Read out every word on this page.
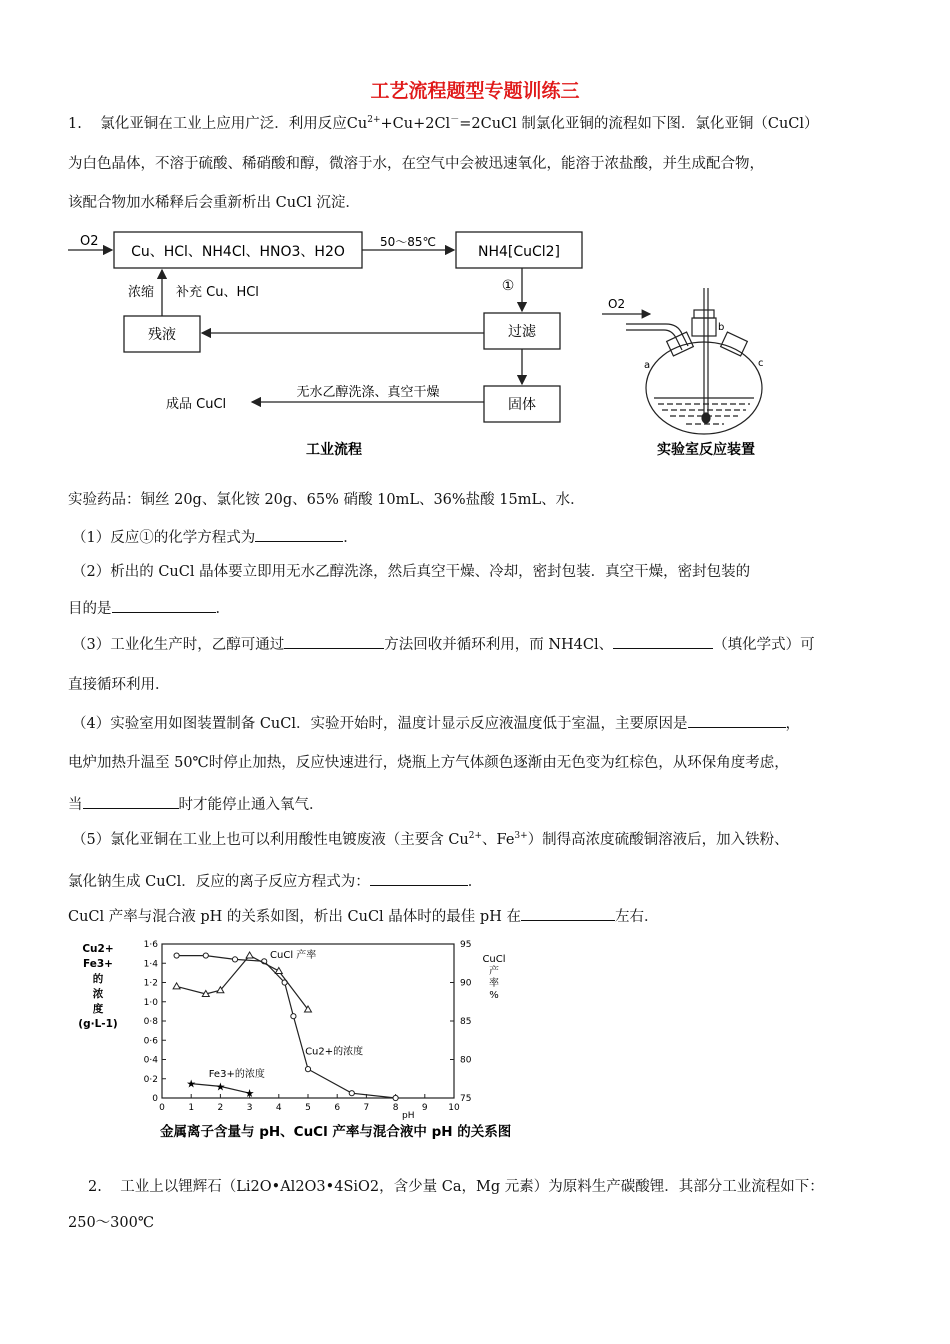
工艺流程题型专题训练三
1. 氯化亚铜在工业上应用广泛．利用反应$Cu^{2+}+Cu+2Cl^-=2CuCl$ 制氯化亚铜的流程如下图．氯化亚铜（CuCl）
为白色晶体，不溶于硫酸、稀硝酸和醇，微溶于水，在空气中会被迅速氧化，能溶于浓盐酸，并生成配合物，
该配合物加水稀释后会重新析出 CuCl 沉淀．
O2
Cu、HCl、NH4Cl、HNO3、H2O
50～85℃
NH4[CuCl2]
①
浓缩 补充 Cu、HCl
残液	过滤
固体
无水乙醇洗涤、真空干燥
成品 CuCl
工业流程
O2
a
b
c
实验室反应装置
实验药品：铜丝 20g、氯化铵 20g、65% 硝酸 10mL、36%盐酸 15mL、水．
（1）反应①的化学方程式为	．
（2）析出的 CuCl 晶体要立即用无水乙醇洗涤，然后真空干燥、冷却，密封包装．真空干燥，密封包装的
目的是	．
（3）工业化生产时，乙醇可通过	方法回收并循环利用，而 NH4Cl、	（填化学式）可
直接循环利用．
（4）实验室用如图装置制备 CuCl．实验开始时，温度计显示反应液温度低于室温，主要原因是	，
电炉加热升温至 50℃时停止加热，反应快速进行，烧瓶上方气体颜色逐渐由无色变为红棕色，从环保角度考虑，
当	时才能停止通入氧气．
（5）氯化亚铜在工业上也可以利用酸性电镀废液（主要含 $Cu^{2+}$、$Fe^{3+}$）制得高浓度硫酸铜溶液后，加入铁粉、
氯化钠生成 CuCl．反应的离子反应方程式为：	．
CuCl 产率与混合液 pH 的关系如图，析出 CuCl 晶体时的最佳 pH 在	左右．
0	1	2	3	4	5	6	7	8	9 10
0
0·2
0·4
0·6
0·8
1·0
1·2
1·4
1·6
75
80
85
90
95
Cu2+
Fe3+
的
浓
度
(g·L-1)
CuCl
产
率
%
★ ★
★
Cu2+的浓度
CuCl 产率
Fe3+的浓度
金属离子含量与 pH、CuCl 产率与混合液中 pH 的关系图
pH
2. 工业上以锂辉石（Li2O•Al2O3•4SiO2，含少量 Ca，Mg 元素）为原料生产碳酸锂．其部分工业流程如下：
250～300℃
